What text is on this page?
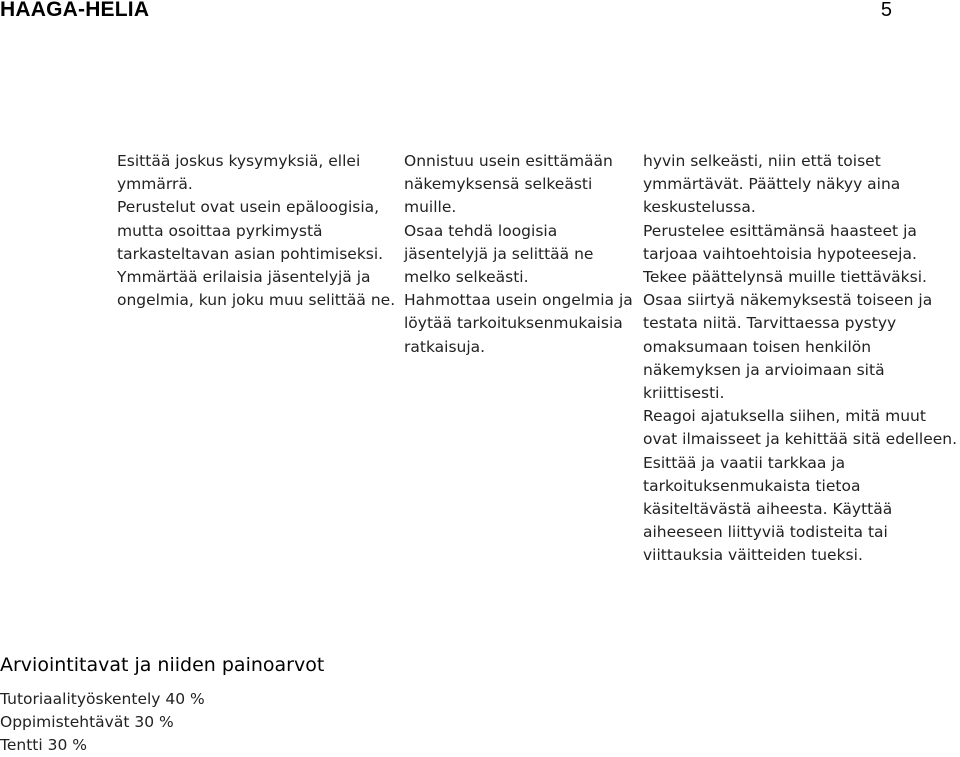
HAAGA-HELIA	5

Esittää joskus kysymyksiä, ellei ymmärrä.

Perustelut ovat usein epäloogisia, mutta osoittaa pyrkimystä tarkasteltavan asian pohtimiseksi. Ymmärtää erilaisia jäsentelyjä ja ongelmia, kun joku muu selittää ne.

Onnistuu usein esittämään näkemyksensä selkeästi muille.

Osaa tehdä loogisia jäsentelyjä ja selittää ne melko selkeästi.

Hahmottaa usein ongelmia ja löytää tarkoituksenmukaisia ratkaisuja.

hyvin selkeästi, niin että toiset ymmärtävät. Päättely näkyy aina keskustelussa.

Perustelee esittämänsä haasteet ja tarjoaa vaihtoehtoisia hypoteeseja. Tekee päättelynsä muille tiettäväksi.

Osaa siirtyä näkemyksestä toiseen ja testata niitä. Tarvittaessa pystyy omaksumaan toisen henkilön näkemyksen ja arvioimaan sitä kriittisesti.

Reagoi ajatuksella siihen, mitä muut ovat ilmaisseet ja kehittää sitä edelleen.

Esittää ja vaatii tarkkaa ja tarkoituksenmukaista tietoa käsiteltävästä aiheesta. Käyttää aiheeseen liittyviä todisteita tai viittauksia väitteiden tueksi.

Arviointitavat ja niiden painoarvot
Tutoriaalityöskentely 40 %
Oppimistehtävät 30 %
Tentti 30 %
